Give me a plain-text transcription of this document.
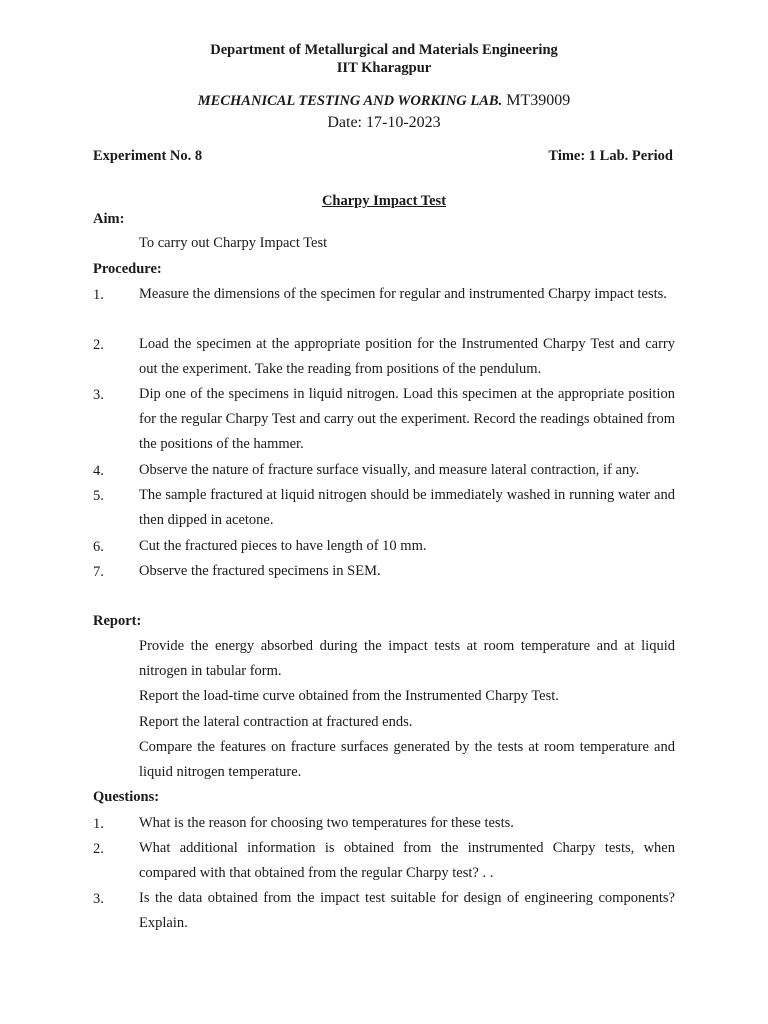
Department of Metallurgical and Materials Engineering
IIT Kharagpur
MECHANICAL TESTING AND WORKING LAB. MT39009
Date: 17-10-2023
Experiment No. 8	Time: 1 Lab. Period
Charpy Impact Test
Aim:
To carry out Charpy Impact Test
Procedure:
1. Measure the dimensions of the specimen for regular and instrumented Charpy impact tests.
2. Load the specimen at the appropriate position for the Instrumented Charpy Test and carry out the experiment. Take the reading from positions of the pendulum.
3. Dip one of the specimens in liquid nitrogen. Load this specimen at the appropriate position for the regular Charpy Test and carry out the experiment. Record the readings obtained from the positions of the hammer.
4. Observe the nature of fracture surface visually, and measure lateral contraction, if any.
5. The sample fractured at liquid nitrogen should be immediately washed in running water and then dipped in acetone.
6. Cut the fractured pieces to have length of 10 mm.
7. Observe the fractured specimens in SEM.
Report:
Provide the energy absorbed during the impact tests at room temperature and at liquid nitrogen in tabular form.
Report the load-time curve obtained from the Instrumented Charpy Test.
Report the lateral contraction at fractured ends.
Compare the features on fracture surfaces generated by the tests at room temperature and liquid nitrogen temperature.
Questions:
1. What is the reason for choosing two temperatures for these tests.
2. What additional information is obtained from the instrumented Charpy tests, when compared with that obtained from the regular Charpy test? . .
3. Is the data obtained from the impact test suitable for design of engineering components? Explain.
